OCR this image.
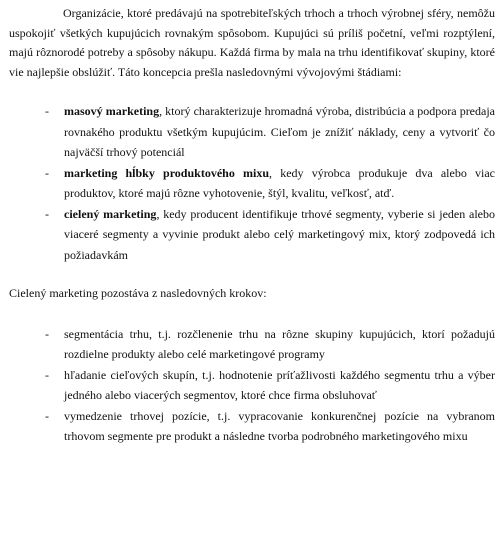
Organizácie, ktoré predávajú na spotrebiteľských trhoch a trhoch výrobnej sféry, nemôžu uspokojiť všetkých kupujúcich rovnakým spôsobom. Kupujúci sú príliš početní, veľmi rozptýlení, majú rôznorodé potreby a spôsoby nákupu. Každá firma by mala na trhu identifikovať skupiny, ktoré vie najlepšie obslúžiť. Táto koncepcia prešla nasledovnými vývojovými štádiami:

- masový marketing, ktorý charakterizuje hromadná výroba, distribúcia a podpora predaja rovnakého produktu všetkým kupujúcim. Cieľom je znížiť náklady, ceny a vytvoriť čo najväčší trhový potenciál
- marketing hĺbky produktového mixu, kedy výrobca produkuje dva alebo viac produktov, ktoré majú rôzne vyhotovenie, štýl, kvalitu, veľkosť, atď.
- cielený marketing, kedy producent identifikuje trhové segmenty, vyberie si jeden alebo viaceré segmenty a vyvinie produkt alebo celý marketingový mix, ktorý zodpovedá ich požiadavkám

Cielený marketing pozostáva z nasledovných krokov:

- segmentácia trhu, t.j. rozčlenenie trhu na rôzne skupiny kupujúcich, ktorí požadujú rozdielne produkty alebo celé marketingové programy
- hľadanie cieľových skupín, t.j. hodnotenie príťažlivosti každého segmentu trhu a výber jedného alebo viacerých segmentov, ktoré chce firma obsluhovať
- vymedzenie trhovej pozície, t.j. vypracovanie konkurenčnej pozície na vybranom trhovom segmente pre produkt a následne tvorba podrobného marketingového mixu
